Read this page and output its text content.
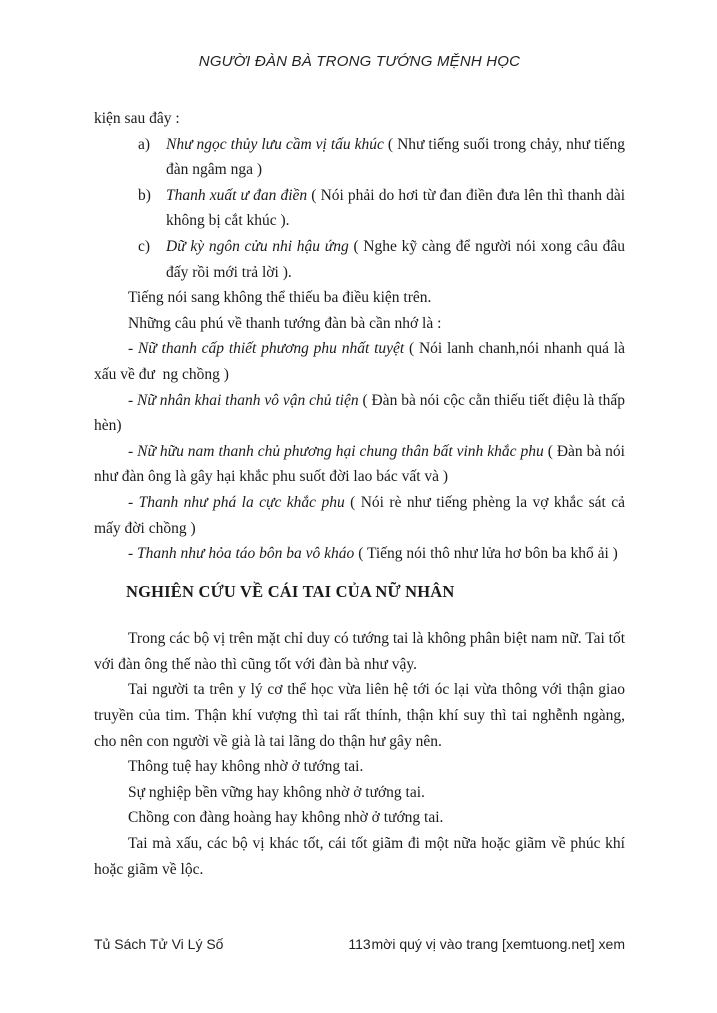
NGƯỜI ĐÀN BÀ TRONG TƯỚNG MỆNH HỌC
kiện sau đây :
a) Như ngọc thủy lưu cầm vị tấu khúc ( Như tiếng suối trong chảy, như tiếng đàn ngâm nga )
b) Thanh xuất ư đan điền ( Nói phải do hơi từ đan điền đưa lên thì thanh dài không bị cắt khúc ).
c) Dữ kỳ ngôn cửu nhi hậu ứng ( Nghe kỹ càng để người nói xong câu đâu đấy rồi mới trả lời ).
Tiếng nói sang không thể thiếu ba điều kiện trên.
Những câu phú về thanh tướng đàn bà cần nhớ là :
- Nữ thanh cấp thiết phương phu nhất tuyệt ( Nói lanh chanh,nói nhanh quá là xấu về đư  ng chồng )
- Nữ nhân khai thanh vô vận chủ tiện ( Đàn bà nói cộc cằn thiếu tiết điệu là thấp hèn)
- Nữ hữu nam thanh chủ phương hại chung thân bất vinh khắc phu ( Đàn bà nói như đàn ông là gây hại khắc phu suốt đời lao bác vất và )
- Thanh như phá la cực khắc phu ( Nói rè như tiếng phèng la vợ khắc sát cả mấy đời chồng )
- Thanh như hỏa táo bôn ba vô kháo ( Tiếng nói thô như lửa hơ bôn ba khổ ải )
NGHIÊN CỨU VỀ CÁI TAI CỦA NỮ NHÂN
Trong các bộ vị trên mặt chỉ duy có tướng tai là không phân biệt nam nữ. Tai tốt với đàn ông thế nào thì cũng tốt với đàn bà như vậy.
Tai người ta trên y lý cơ thể học vừa liên hệ tới óc lại vừa thông với thận giao truyền của tim. Thận khí vượng thì tai rất thính, thận khí suy thì tai nghễnh ngàng, cho nên con người về già là tai lãng do thận hư gây nên.
Thông tuệ hay không nhờ ở tướng tai.
Sự nghiệp bền vững hay không nhờ ở tướng tai.
Chồng con đàng hoàng hay không nhờ ở tướng tai.
Tai mà xấu, các bộ vị khác tốt, cái tốt giãm đi một nữa hoặc giãm về phúc khí hoặc giãm về lộc.
Tủ Sách Tử Vi Lý Số	113 mời quý vị vào trang [xemtuong.net] xem
